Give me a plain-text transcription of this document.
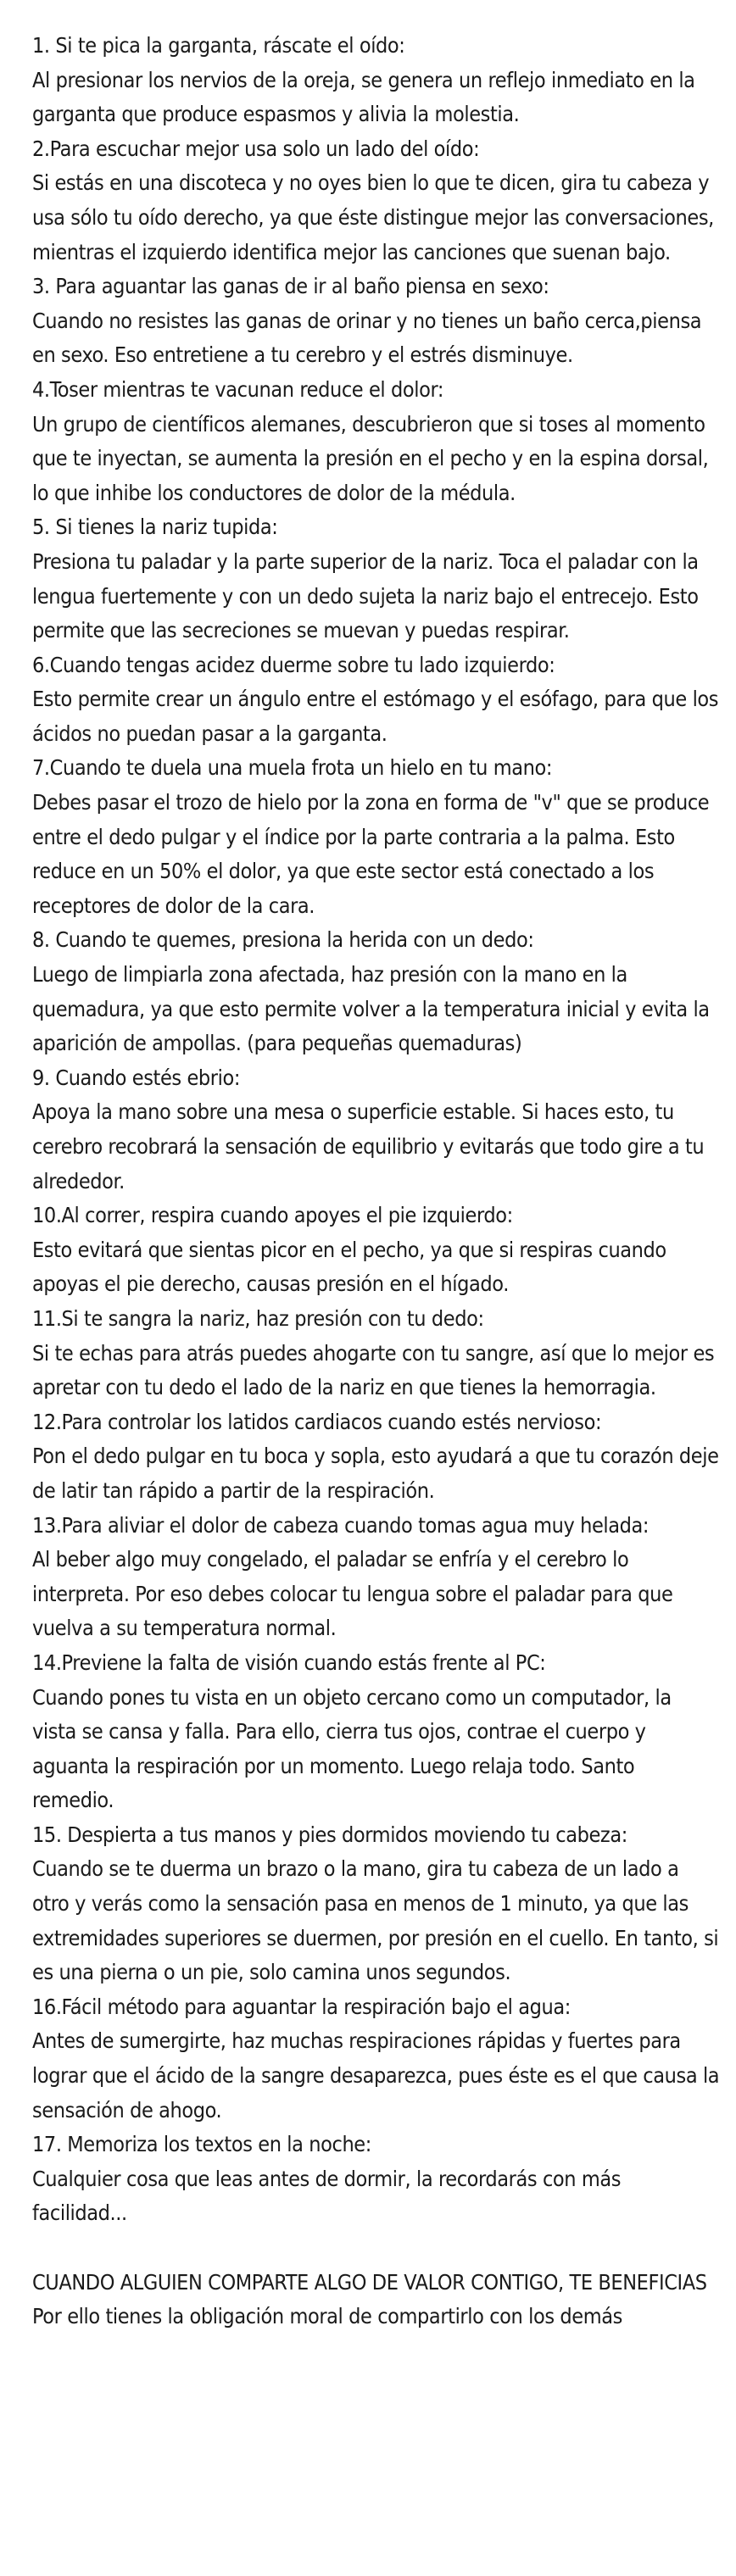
1. Si te pica la garganta, ráscate el oído:
Al presionar los nervios de la oreja, se genera un reflejo inmediato en la garganta que produce espasmos y alivia la molestia.
2.Para escuchar mejor usa solo un lado del oído:
Si estás en una discoteca y no oyes bien lo que te dicen, gira tu cabeza y usa sólo tu oído derecho, ya que éste distingue mejor las conversaciones, mientras el izquierdo identifica mejor las canciones que suenan bajo.
3. Para aguantar las ganas de ir al baño piensa en sexo:
Cuando no resistes las ganas de orinar y no tienes un baño cerca,piensa en sexo. Eso entretiene a tu cerebro y el estrés disminuye.
4.Toser mientras te vacunan reduce el dolor:
Un grupo de científicos alemanes, descubrieron que si toses al momento que te inyectan, se aumenta la presión en el pecho y en la espina dorsal, lo que inhibe los conductores de dolor de la médula.
5. Si tienes la nariz tupida:
Presiona tu paladar y la parte superior de la nariz. Toca el paladar con la lengua fuertemente y con un dedo sujeta la nariz bajo el entrecejo. Esto permite que las secreciones se muevan y puedas respirar.
6.Cuando tengas acidez duerme sobre tu lado izquierdo:
Esto permite crear un ángulo entre el estómago y el esófago, para que los ácidos no puedan pasar a la garganta.
7.Cuando te duela una muela frota un hielo en tu mano:
Debes pasar el trozo de hielo por la zona en forma de "v" que se produce entre el dedo pulgar y el índice por la parte contraria a la palma. Esto reduce en un 50% el dolor, ya que este sector está conectado a los receptores de dolor de la cara.
8. Cuando te quemes, presiona la herida con un dedo:
Luego de limpiarla zona afectada, haz presión con la mano en la quemadura, ya que esto permite volver a la temperatura inicial y evita la aparición de ampollas. (para pequeñas quemaduras)
9. Cuando estés ebrio:
Apoya la mano sobre una mesa o superficie estable. Si haces esto, tu cerebro recobrará la sensación de equilibrio y evitarás que todo gire a tu alrededor.
10.Al correr, respira cuando apoyes el pie izquierdo:
Esto evitará que sientas picor en el pecho, ya que si respiras cuando apoyas el pie derecho, causas presión en el hígado.
11.Si te sangra la nariz, haz presión con tu dedo:
Si te echas para atrás puedes ahogarte con tu sangre, así que lo mejor es apretar con tu dedo el lado de la nariz en que tienes la hemorragia.
12.Para controlar los latidos cardiacos cuando estés nervioso:
Pon el dedo pulgar en tu boca y sopla, esto ayudará a que tu corazón deje de latir tan rápido a partir de la respiración.
13.Para aliviar el dolor de cabeza cuando tomas agua muy helada:
Al beber algo muy congelado, el paladar se enfría y el cerebro lo interpreta. Por eso debes colocar tu lengua sobre el paladar para que vuelva a su temperatura normal.
14.Previene la falta de visión cuando estás frente al PC:
Cuando pones tu vista en un objeto cercano como un computador, la vista se cansa y falla. Para ello, cierra tus ojos, contrae el cuerpo y aguanta la respiración por un momento. Luego relaja todo. Santo remedio.
15. Despierta a tus manos y pies dormidos moviendo tu cabeza:
Cuando se te duerma un brazo o la mano, gira tu cabeza de un lado a otro y verás como la sensación pasa en menos de 1 minuto, ya que las extremidades superiores se duermen, por presión en el cuello. En tanto, si es una pierna o un pie, solo camina unos segundos.
16.Fácil método para aguantar la respiración bajo el agua:
Antes de sumergirte, haz muchas respiraciones rápidas y fuertes para lograr que el ácido de la sangre desaparezca, pues éste es el que causa la sensación de ahogo.
17. Memoriza los textos en la noche:
Cualquier cosa que leas antes de dormir, la recordarás con más facilidad...
CUANDO ALGUIEN COMPARTE ALGO DE VALOR CONTIGO, TE BENEFICIAS
Por ello tienes la obligación moral de compartirlo con los demás
